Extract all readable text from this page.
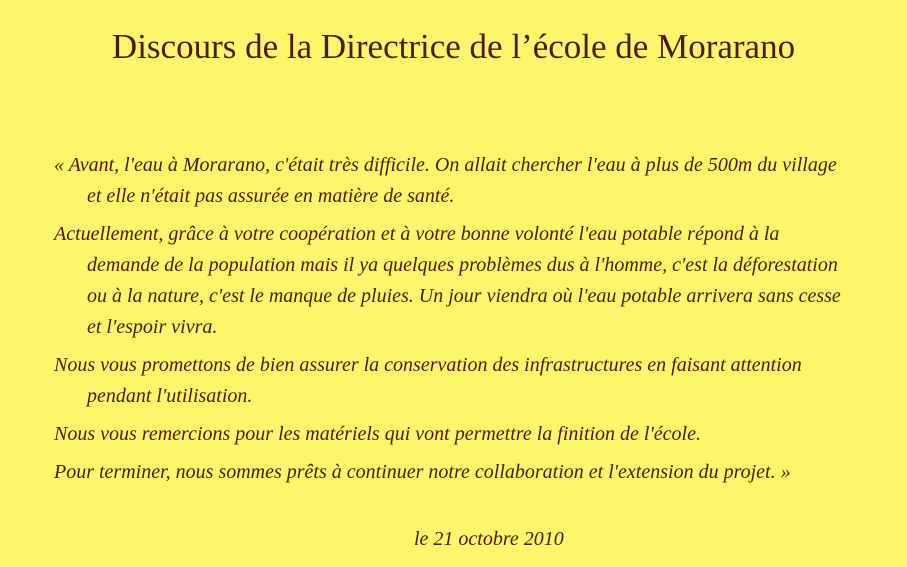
Discours de la Directrice de l’école de Morarano

« Avant, l'eau à Morarano, c'était très difficile. On allait chercher l'eau à plus de 500m du village et elle n'était pas assurée en matière de santé.

Actuellement, grâce à votre coopération et à votre bonne volonté l'eau potable répond à la demande de la population mais il ya quelques problèmes dus à l'homme, c'est la déforestation ou à la nature, c'est le manque de pluies. Un jour viendra où l'eau potable arrivera sans cesse et l'espoir vivra.

Nous vous promettons de bien assurer la conservation des infrastructures en faisant attention pendant l'utilisation.

Nous vous remercions pour les matériels qui vont permettre la finition de l'école.

Pour terminer, nous sommes prêts à continuer notre collaboration et l'extension du projet. »

le 21 octobre 2010
